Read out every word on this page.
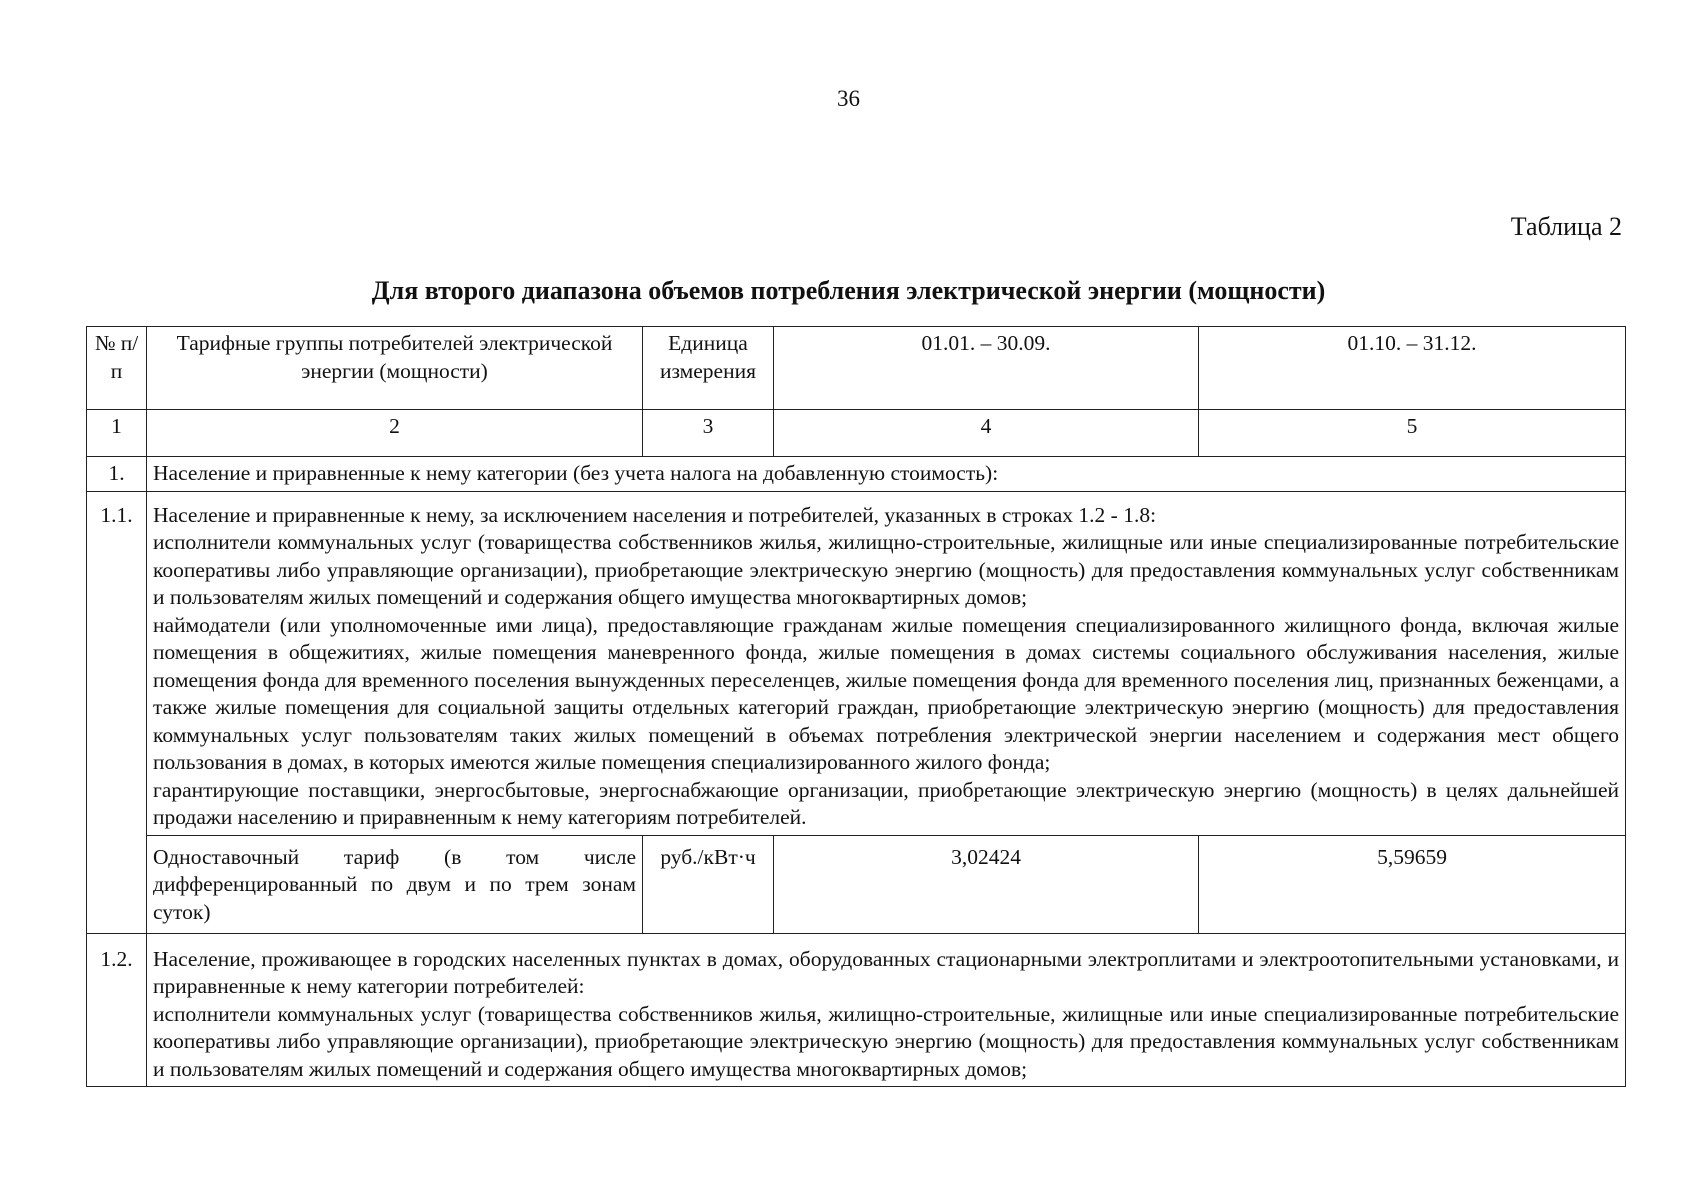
36
Таблица 2
Для второго диапазона объемов потребления электрической энергии (мощности)
№ п/п	Тарифные группы потребителей электрической энергии (мощности)	Единица измерения	01.01. – 30.09.	01.10. – 31.12.
1	2	3	4	5
1.	Население и приравненные к нему категории (без учета налога на добавленную стоимость):			
1.1.	Население и приравненные к нему, за исключением населения и потребителей, указанных в строках 1.2 - 1.8:

исполнители коммунальных услуг (товарищества собственников жилья, жилищно-строительные, жилищные или иные специализированные потребительские кооперативы либо управляющие организации), приобретающие электрическую энергию (мощность) для предоставления коммунальных услуг собственникам и пользователям жилых помещений и содержания общего имущества многоквартирных домов;

наймодатели (или уполномоченные ими лица), предоставляющие гражданам жилые помещения специализированного жилищного фонда, включая жилые помещения в общежитиях, жилые помещения маневренного фонда, жилые помещения в домах системы социального обслуживания населения, жилые помещения фонда для временного поселения вынужденных переселенцев, жилые помещения фонда для временного поселения лиц, признанных беженцами, а также жилые помещения для социальной защиты отдельных категорий граждан, приобретающие электрическую энергию (мощность) для предоставления коммунальных услуг пользователям таких жилых помещений в объемах потребления электрической энергии населением и содержания мест общего пользования в домах, в которых имеются жилые помещения специализированного жилого фонда;

гарантирующие поставщики, энергосбытовые, энергоснабжающие организации, приобретающие электрическую энергию (мощность) в целях дальнейшей продажи населению и приравненным к нему категориям потребителей.			

	Одноставочный тариф (в том числе дифференцированный по двум и по трем зонам суток)	руб./кВт·ч	3,02424	5,59659
1.2.	Население, проживающее в городских населенных пунктах в домах, оборудованных стационарными электроплитами и электроотопительными установками, и приравненные к нему категории потребителей:

исполнители коммунальных услуг (товарищества собственников жилья, жилищно-строительные, жилищные или иные специализированные потребительские кооперативы либо управляющие организации), приобретающие электрическую энергию (мощность) для предоставления коммунальных услуг собственникам и пользователям жилых помещений и содержания общего имущества многоквартирных домов;			
